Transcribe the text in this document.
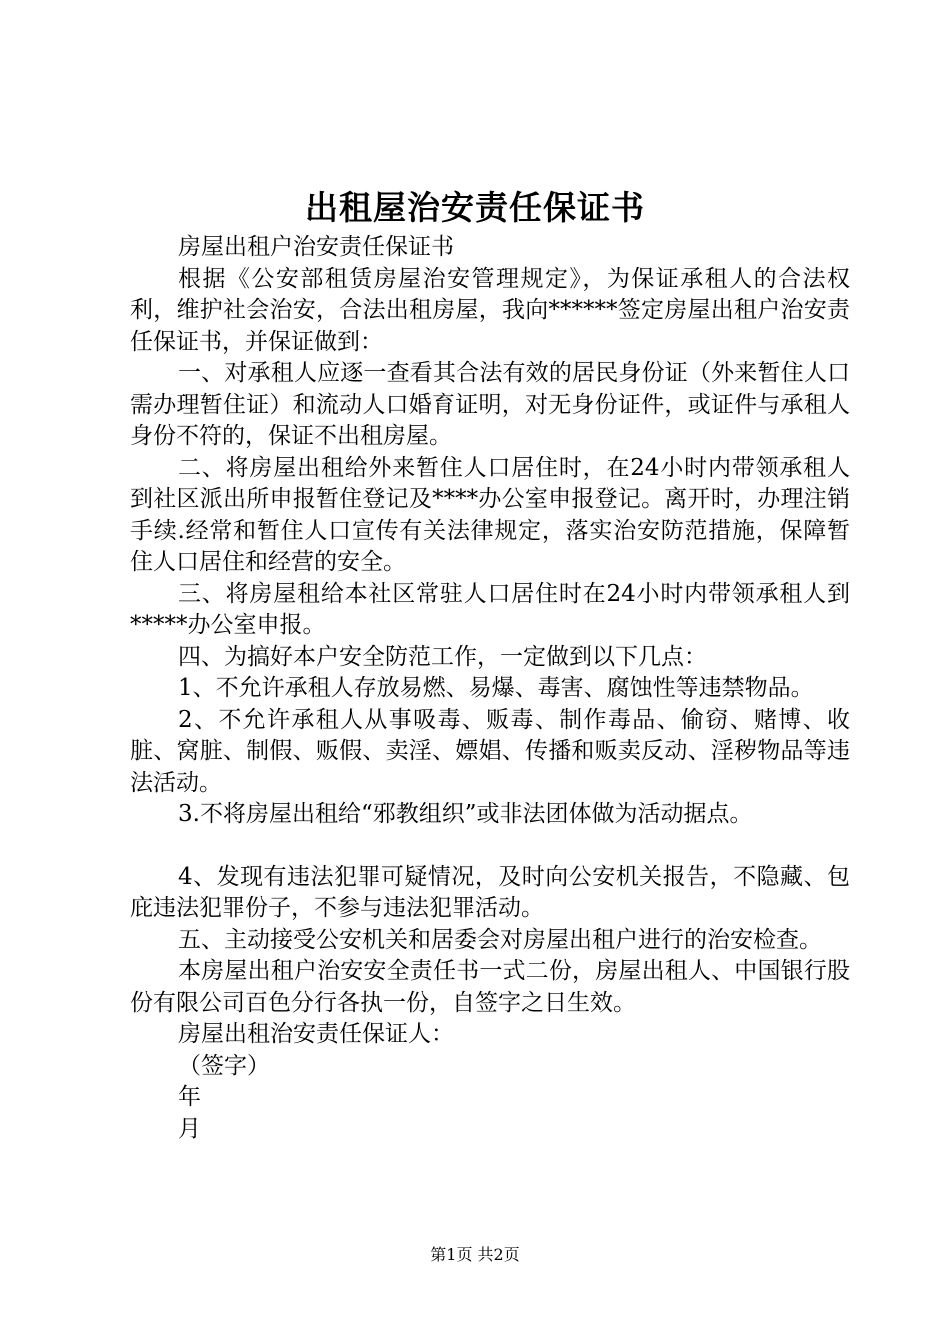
出租屋治安责任保证书

房屋出租户治安责任保证书

根据《公安部租赁房屋治安管理规定》，为保证承租人的合法权利，维护社会治安，合法出租房屋，我向******签定房屋出租户治安责任保证书，并保证做到：

一、对承租人应逐一查看其合法有效的居民身份证（外来暂住人口需办理暂住证）和流动人口婚育证明，对无身份证件，或证件与承租人身份不符的，保证不出租房屋。

二、将房屋出租给外来暂住人口居住时，在24小时内带领承租人到社区派出所申报暂住登记及****办公室申报登记。离开时，办理注销手续.经常和暂住人口宣传有关法律规定，落实治安防范措施，保障暂住人口居住和经营的安全。

三、将房屋租给本社区常驻人口居住时在24小时内带领承租人到*****办公室申报。

四、为搞好本户安全防范工作，一定做到以下几点：

1、不允许承租人存放易燃、易爆、毒害、腐蚀性等违禁物品。

2、不允许承租人从事吸毒、贩毒、制作毒品、偷窃、赌博、收脏、窝脏、制假、贩假、卖淫、嫖娼、传播和贩卖反动、淫秽物品等违法活动。

3.不将房屋出租给“邪教组织”或非法团体做为活动据点。

4、发现有违法犯罪可疑情况，及时向公安机关报告，不隐藏、包庇违法犯罪份子，不参与违法犯罪活动。

五、主动接受公安机关和居委会对房屋出租户进行的治安检查。

本房屋出租户治安安全责任书一式二份，房屋出租人、中国银行股份有限公司百色分行各执一份，自签字之日生效。

房屋出租治安责任保证人：

（签字）

年

月

第1页 共2页
